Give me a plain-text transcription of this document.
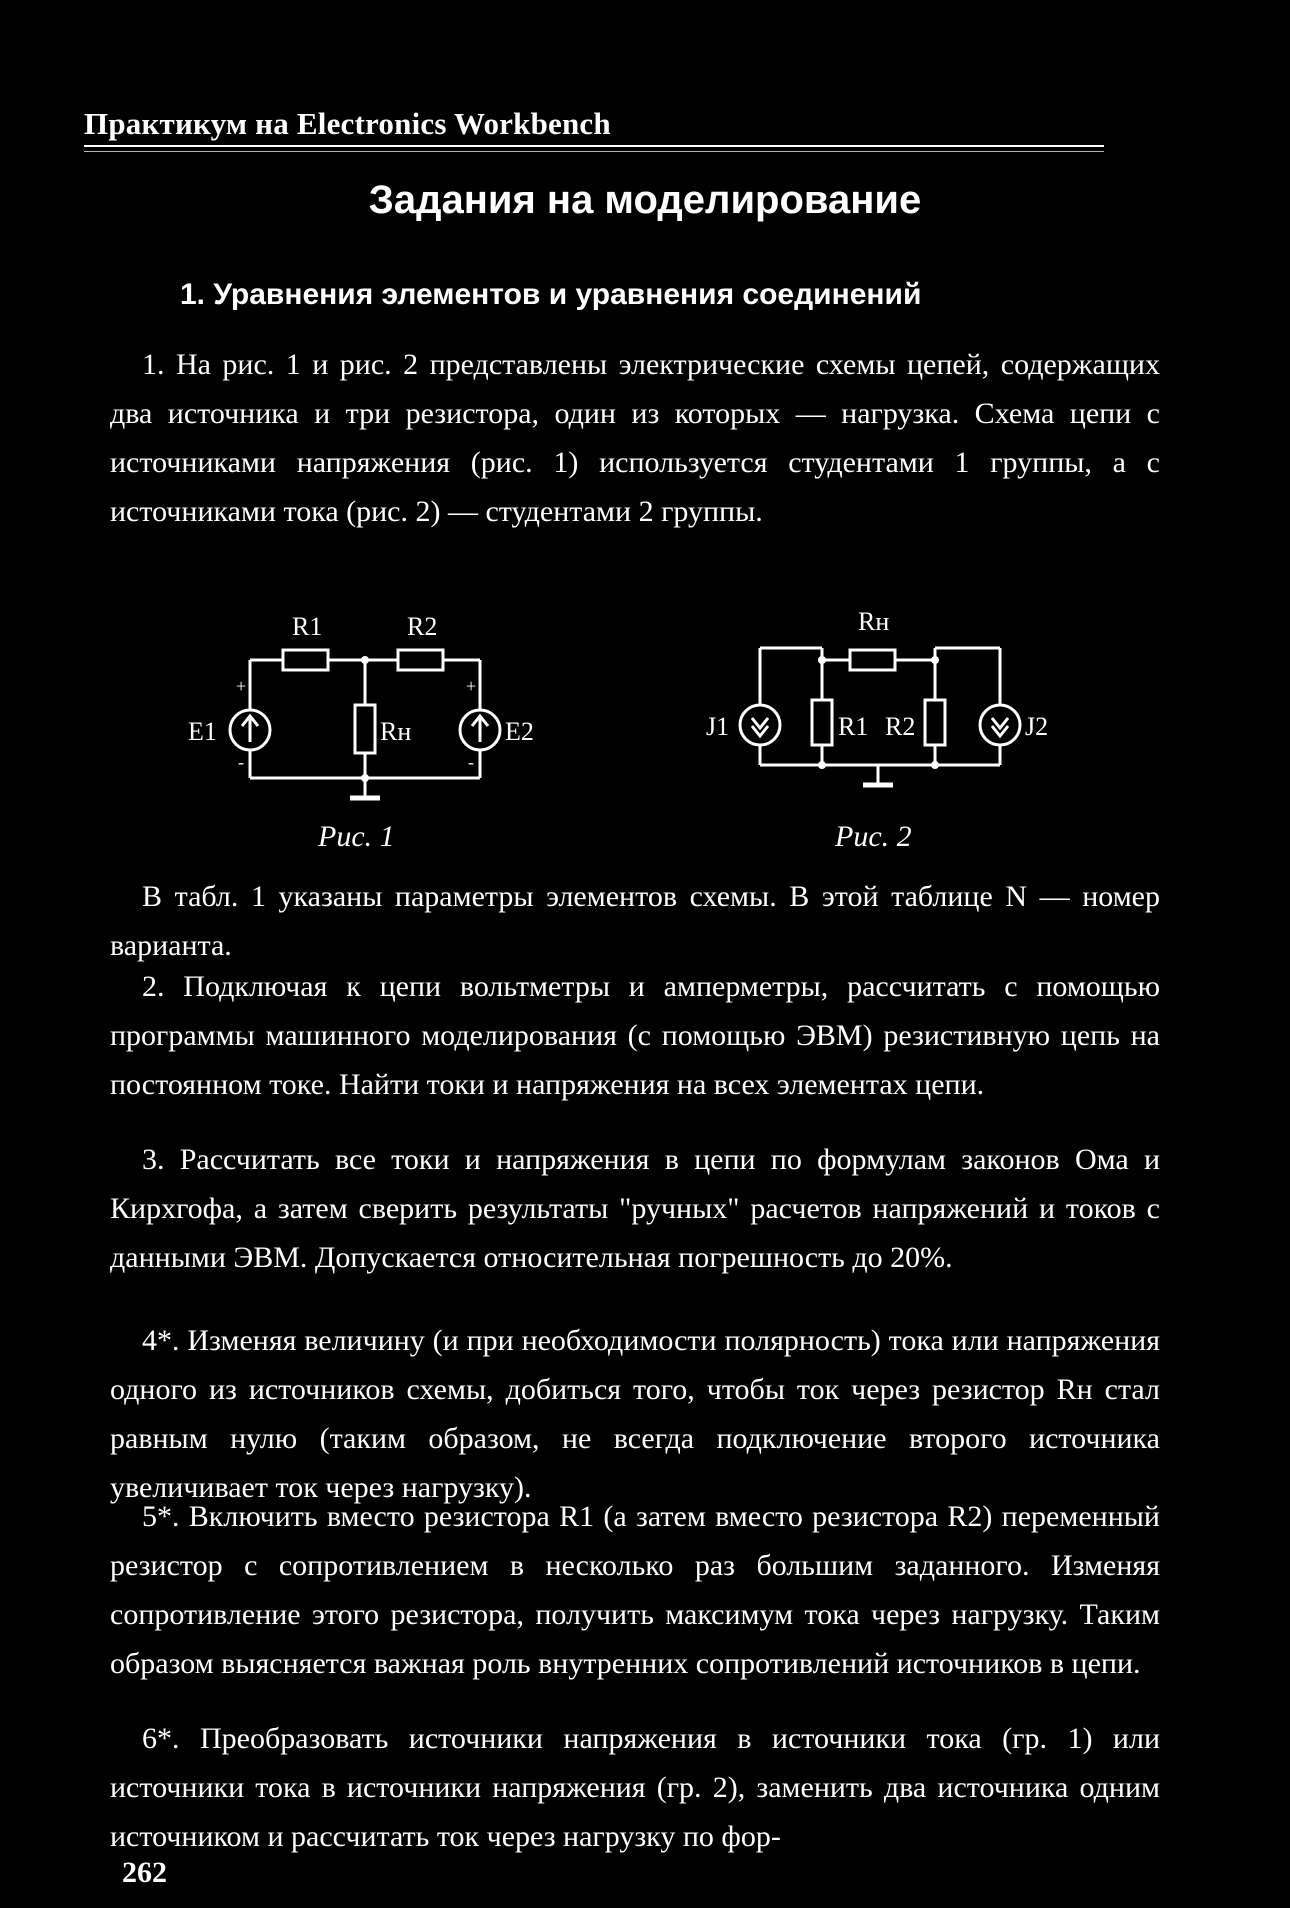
Практикум на Electronics Workbench
Задания на моделирование
1. Уравнения элементов и уравнения соединений
1. На рис. 1 и рис. 2 представлены электрические схемы цепей, содержащих два источника и три резистора, один из которых — нагрузка. Схема цепи с источниками напряжения (рис. 1) используется студентами 1 группы, а с источниками тока (рис. 2) — студентами 2 группы.
R1	R2
Rн
E1	E2
+
-
+
-
Рис. 1
Rн
R1 R2
J1	J2
Рис. 2
В табл. 1 указаны параметры элементов схемы. В этой таблице N — номер варианта.
2. Подключая к цепи вольтметры и амперметры, рассчитать с помощью программы машинного моделирования (с помощью ЭВМ) резистивную цепь на постоянном токе. Найти токи и напряжения на всех элементах цепи.
3. Рассчитать все токи и напряжения в цепи по формулам законов Ома и Кирхгофа, а затем сверить результаты "ручных" расчетов напряжений и токов с данными ЭВМ. Допускается относительная погрешность до 20%.
4*. Изменяя величину (и при необходимости полярность) тока или напряжения одного из источников схемы, добиться того, чтобы ток через резистор Rн стал равным нулю (таким образом, не всегда подключение второго источника увеличивает ток через нагрузку).
5*. Включить вместо резистора R1 (а затем вместо резистора R2) переменный резистор с сопротивлением в несколько раз большим заданного. Изменяя сопротивление этого резистора, получить максимум тока через нагрузку. Таким образом выясняется важная роль внутренних сопротивлений источников в цепи.
6*. Преобразовать источники напряжения в источники тока (гр. 1) или источники тока в источники напряжения (гр. 2), заменить два источника одним источником и рассчитать ток через нагрузку по фор-
262
